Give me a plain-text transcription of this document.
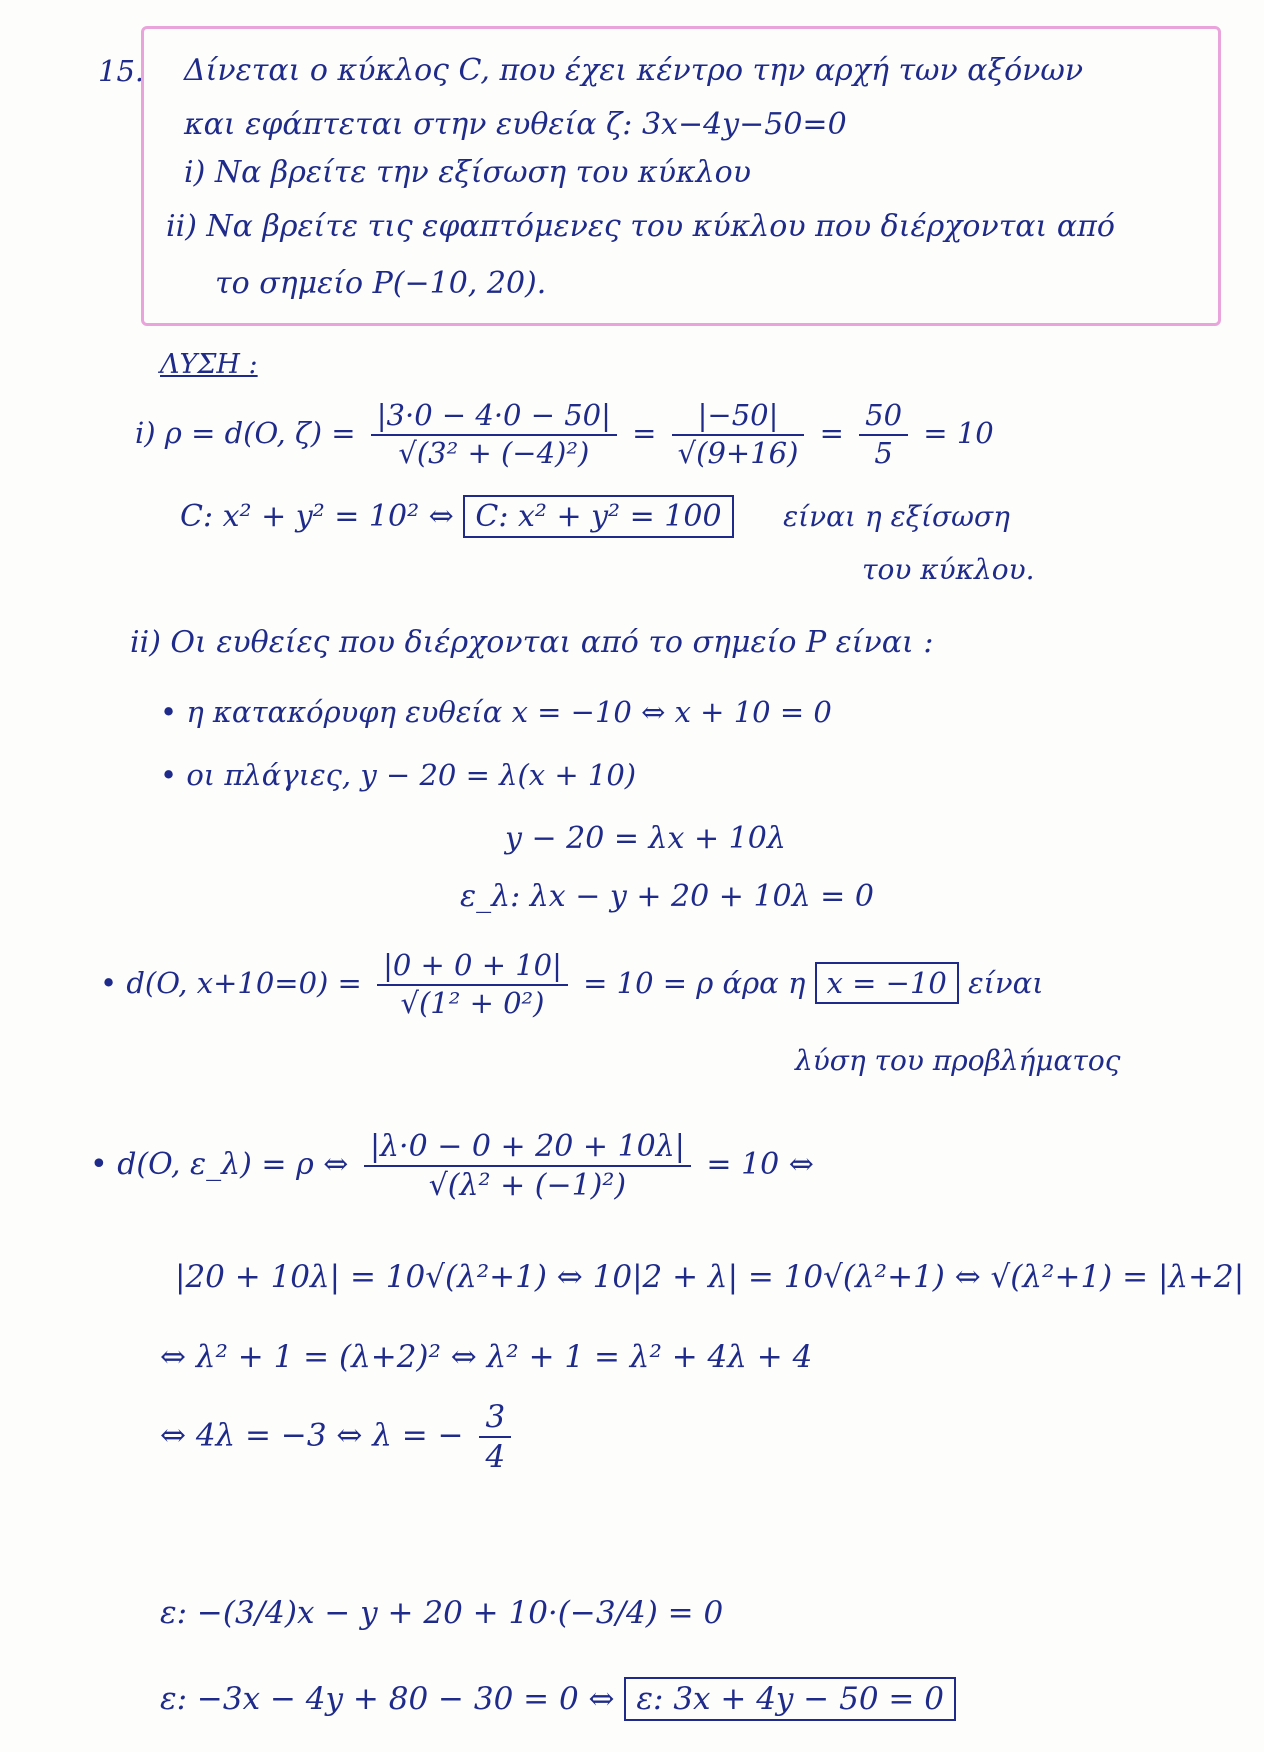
15. Δίνεται ο κύκλος C, που έχει κέντρο την αρχή των αξόνων
και εφάπτεται στην ευθεία ζ: 3x−4y−50=0
i) Να βρείτε την εξίσωση του κύκλου
ii) Να βρείτε τις εφαπτόμενες του κύκλου που διέρχονται από
το σημείο P(−10, 20).
ΛΥΣΗ :
i) ρ = d(O, $\zeta) = \frac{|3\cdot 0 - 4\cdot 0 - 50|}{\text{√(3² + (−4)²)}} = \frac{|-50|}{√(9+16)} = \frac{50}{5} = 10$
C: x² + y² = 10² ⇔ C: x² + y² = 100 είναι η εξίσωση
του κύκλου.
ii) Οι ευθείες που διέρχονται από το σημείο P είναι :
• η κατακόρυφη ευθεία x = −10 ⇔ x + 10 = 0
• οι πλάγιες, y − 20 = λ(x + 10)
y − 20 = λx + 10λ
ε_λ: λx − y + 20 + 10λ = 0
• d(O, $x+10=0) = \frac{|0 + 0 + 10|}{\text{√(1² + 0²)}} = 10 = \rho$ άρα η x = −10 είναι
λύση του προβλήματος
• d(O, ε_λ) = ρ ⇔ $\frac{|\lambda\cdot 0 - 0 + 20 + 10\lambda|}{\text{√(λ² + (−1)²)}} = 10$ ⇔
|20 + 10λ| = 10√(λ²+1) ⇔ 10|2 + λ| = 10√(λ²+1) ⇔ √(λ²+1) = |λ+2|
⇔ λ² + 1 = (λ+2)² ⇔ λ² + 1 = λ² + 4λ + 4
⇔ 4λ = −3 ⇔ λ = − $\frac{3}{4}$
ε: −(3/4)x − y + 20 + 10·(−3/4) = 0
ε: −3x − 4y + 80 − 30 = 0 ⇔ ε: 3x + 4y − 50 = 0
